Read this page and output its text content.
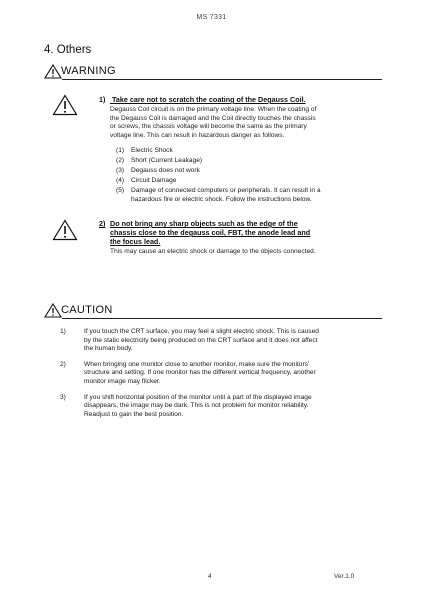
MS 7331
4. Others
WARNING
1) Take care not to scratch the coating of the Degauss Coil.
Degauss Coil circuit is on the primary voltage line. When the coating of
the Degauss Coil is damaged and the Coil directly touches the chassis
or screws, the chassis voltage will become the same as the primary
voltage line. This can result in hazardous danger as follows.
(1)	Electric Shock
(2)	Short (Current Leakage)
(3)	Degauss does not work
(4)	Circuit Damage
(5)	Damage of connected computers or peripherals. It can result in a
hazardous fire or electric shock. Follow the instructions below.
2) Do not bring any sharp objects such as the edge of the
chassis close to the degauss coil, FBT, the anode lead and
the focus lead.
This may cause an electric shock or damage to the objects connected.
CAUTION
1)	If you touch the CRT surface, you may feel a slight electric shock. This is caused
by the static electricity being produced on the CRT surface and it does not affect
the human body.
2)	When bringing one monitor close to another monitor, make sure the monitors'
structure and setting. If one monitor has the different vertical frequency, another
monitor image may flicker.
3)	If you shift horizontal position of the monitor until a part of the displayed image
disappears, the image may be dark. This is not problem for monitor reliability.
Readjust to gain the best position.
4	Ver.1.0
